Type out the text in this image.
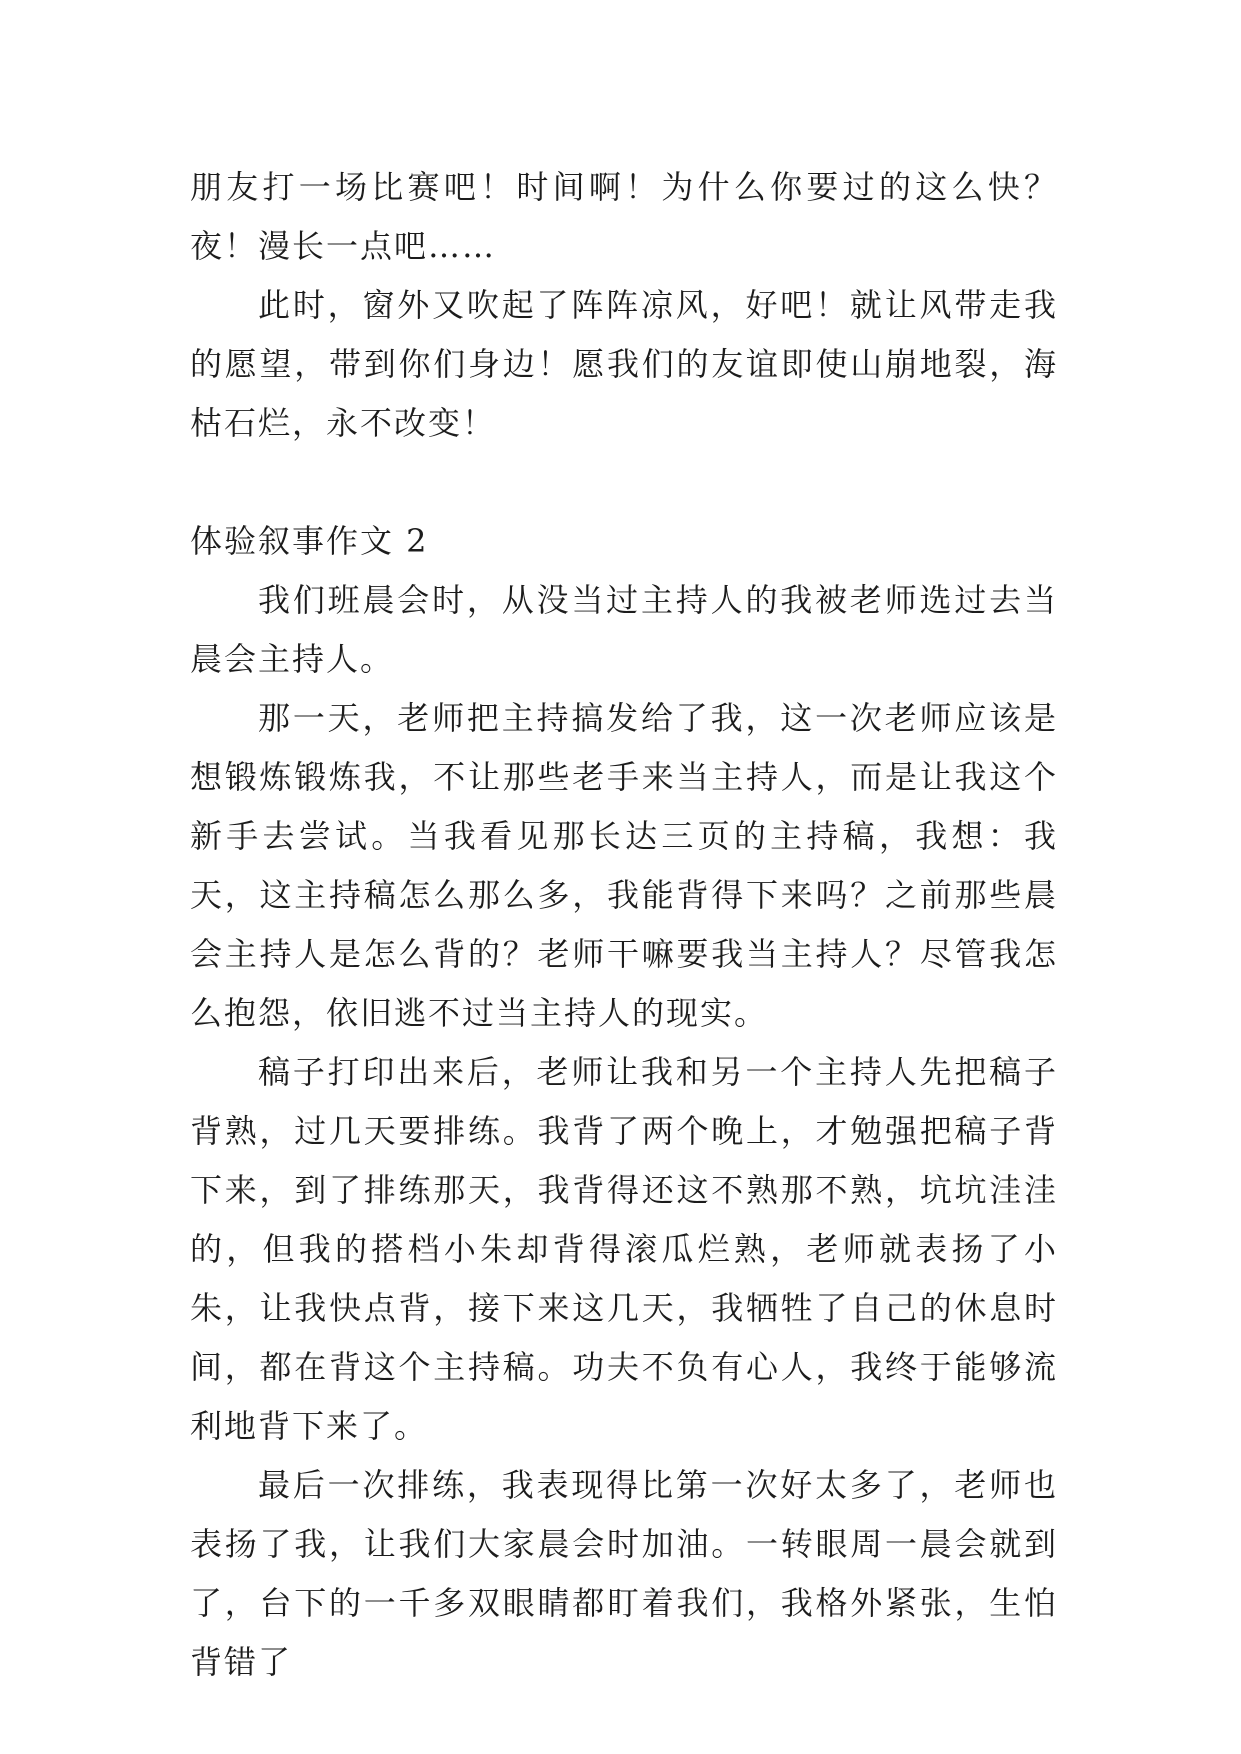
朋友打一场比赛吧！时间啊！为什么你要过的这么快？夜！漫长一点吧……

此时，窗外又吹起了阵阵凉风，好吧！就让风带走我的愿望，带到你们身边！愿我们的友谊即使山崩地裂，海枯石烂，永不改变！

体验叙事作文 2

我们班晨会时，从没当过主持人的我被老师选过去当晨会主持人。

那一天，老师把主持搞发给了我，这一次老师应该是想锻炼锻炼我，不让那些老手来当主持人，而是让我这个新手去尝试。当我看见那长达三页的主持稿，我想：我天，这主持稿怎么那么多，我能背得下来吗？之前那些晨会主持人是怎么背的？老师干嘛要我当主持人？尽管我怎么抱怨，依旧逃不过当主持人的现实。

稿子打印出来后，老师让我和另一个主持人先把稿子背熟，过几天要排练。我背了两个晚上，才勉强把稿子背下来，到了排练那天，我背得还这不熟那不熟，坑坑洼洼的，但我的搭档小朱却背得滚瓜烂熟，老师就表扬了小朱，让我快点背，接下来这几天，我牺牲了自己的休息时间，都在背这个主持稿。功夫不负有心人，我终于能够流利地背下来了。

最后一次排练，我表现得比第一次好太多了，老师也表扬了我，让我们大家晨会时加油。一转眼周一晨会就到了，台下的一千多双眼睛都盯着我们，我格外紧张，生怕背错了
